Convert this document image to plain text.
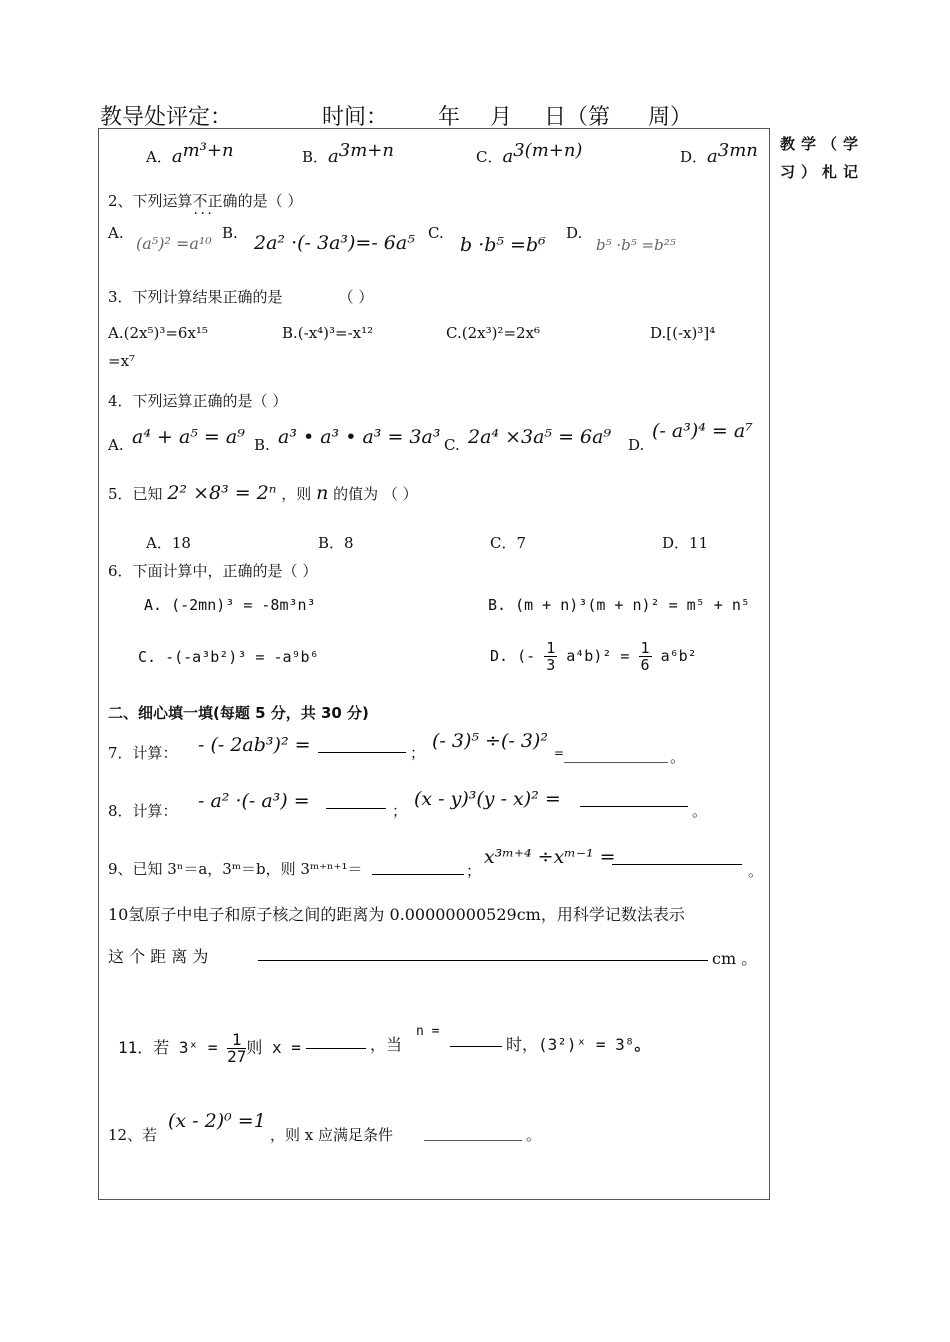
教导处评定：	时间： 年 月 日（第 周）
教学（学习）札记
A．$a^{m^3+n}$	B．$a^{3m+n}$	C．$a^{3(m+n)}$	D．$a^{3mn}$
2、下列运算· · · 不正确的是（ ）
A.
(a⁵)² =a¹⁰
B. 2a² ·(- 3a³)=- 6a⁵ C.
b ·b⁵ =b⁶
D.
b⁵ ·b⁵ =b²⁵
3．下列计算结果正确的是	（ ）
A.(2x⁵)³=6x¹⁵	B.(-x⁴)³=-x¹²	C.(2x³)²=2x⁶	D.[(-x)³]⁴
=x⁷
4．下列运算正确的是（ ）
A. a⁴ + a⁵ = a⁹ B. a³ • a³ • a³ = 3a³ C. 2a⁴ ×3a⁵ = 6a⁹ D.
(- a³)⁴ = a⁷
5．已知 2² ×8³ = 2ⁿ ，则 n 的值为 （ ）
A．18	B．8	C．7	D．11
6．下面计算中，正确的是（ ）
A. (-2mn)³ = -8m³n³	B. (m + n)³(m + n)² = m⁵ + n⁵
C. -(-a³b²)³ = -a⁹b⁶	D. (- $\frac{1}{3} a^4b)^2 = \frac{1}{6} a^6b^2$
二、细心填一填(每题 5 分，共 30 分)
7．计算： - (- 2ab³)² =	；
(- 3)⁵ ÷(- 3)²
=	。
8．计算： - a² ·(- a³) =	；
(x - y)³(y - x)² =
。
9、已知 3ⁿ＝a，3ᵐ＝b，则 3ᵐ⁺ⁿ⁺¹＝	；
x³ᵐ⁺⁴ ÷xᵐ⁻¹ =
。
10氢原子中电子和原子核之间的距离为 0.00000000529cm，用科学记数法表示
这 个 距 离 为	cm 。
11．若 3ˣ = $\frac{1}{27}$ 则 x =	，当
n =
时，(3²)ˣ = 3⁸。
12、若
(x - 2)⁰ =1
，则 x 应满足条件	。
